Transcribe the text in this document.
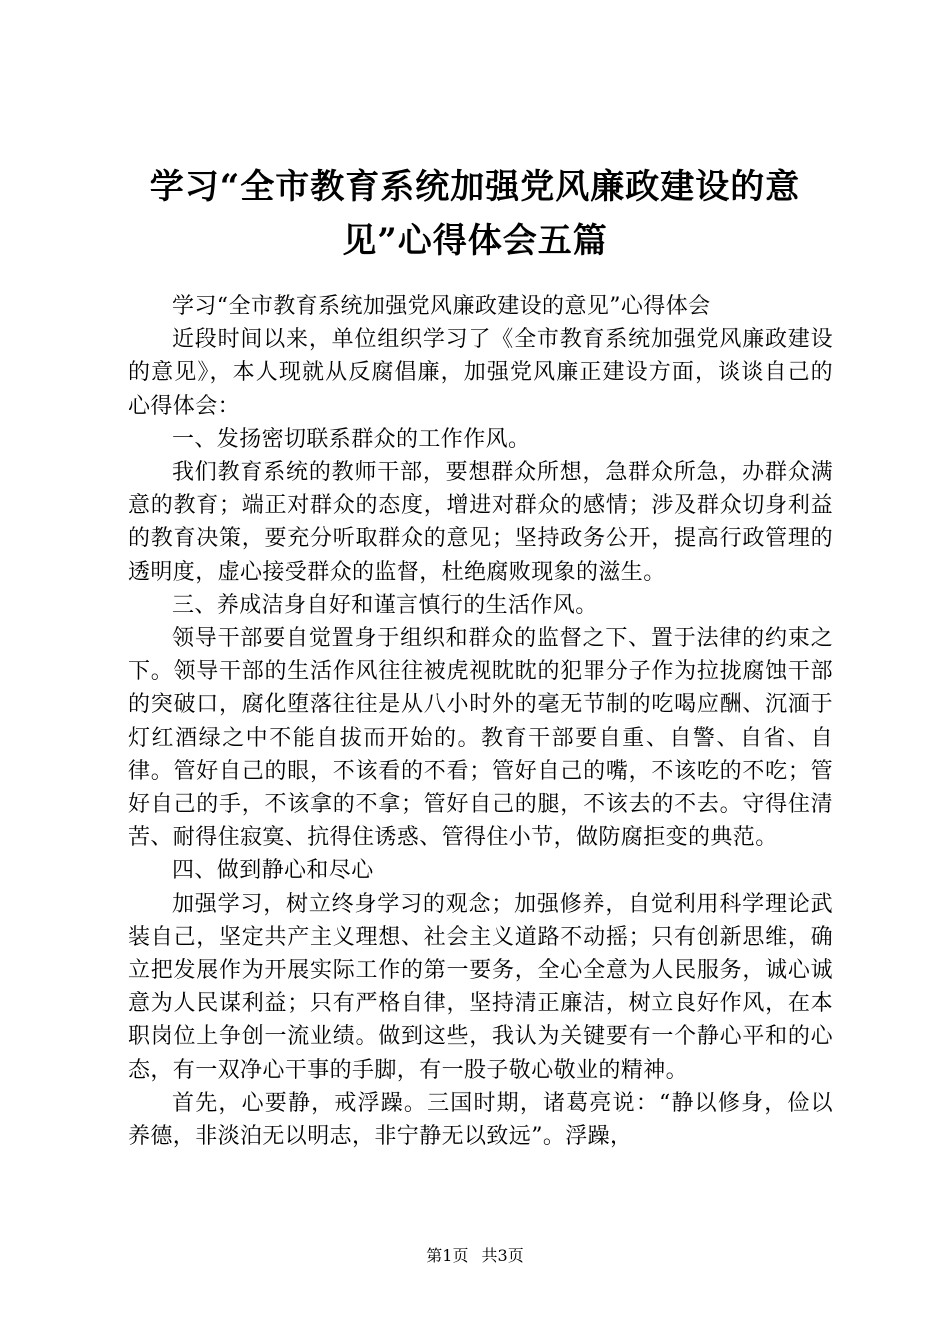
学习“全市教育系统加强党风廉政建设的意
见”心得体会五篇

学习“全市教育系统加强党风廉政建设的意见”心得体会

近段时间以来，单位组织学习了《全市教育系统加强党风廉政建设的意见》，本人现就从反腐倡廉，加强党风廉正建设方面，谈谈自己的心得体会：

一、发扬密切联系群众的工作作风。

我们教育系统的教师干部，要想群众所想，急群众所急，办群众满意的教育；端正对群众的态度，增进对群众的感情；涉及群众切身利益的教育决策，要充分听取群众的意见；坚持政务公开，提高行政管理的透明度，虚心接受群众的监督，杜绝腐败现象的滋生。

三、养成洁身自好和谨言慎行的生活作风。

领导干部要自觉置身于组织和群众的监督之下、置于法律的约束之下。领导干部的生活作风往往被虎视眈眈的犯罪分子作为拉拢腐蚀干部的突破口，腐化堕落往往是从八小时外的毫无节制的吃喝应酬、沉湎于灯红酒绿之中不能自拔而开始的。教育干部要自重、自警、自省、自律。管好自己的眼，不该看的不看；管好自己的嘴，不该吃的不吃；管好自己的手，不该拿的不拿；管好自己的腿，不该去的不去。守得住清苦、耐得住寂寞、抗得住诱惑、管得住小节，做防腐拒变的典范。

四、做到静心和尽心

加强学习，树立终身学习的观念；加强修养，自觉利用科学理论武装自己，坚定共产主义理想、社会主义道路不动摇；只有创新思维，确立把发展作为开展实际工作的第一要务，全心全意为人民服务，诚心诚意为人民谋利益；只有严格自律，坚持清正廉洁，树立良好作风，在本职岗位上争创一流业绩。做到这些，我认为关键要有一个静心平和的心态，有一双净心干事的手脚，有一股子敬心敬业的精神。

首先，心要静，戒浮躁。三国时期，诸葛亮说：“静以修身，俭以养德，非淡泊无以明志，非宁静无以致远”。浮躁，

第1页 共3页
